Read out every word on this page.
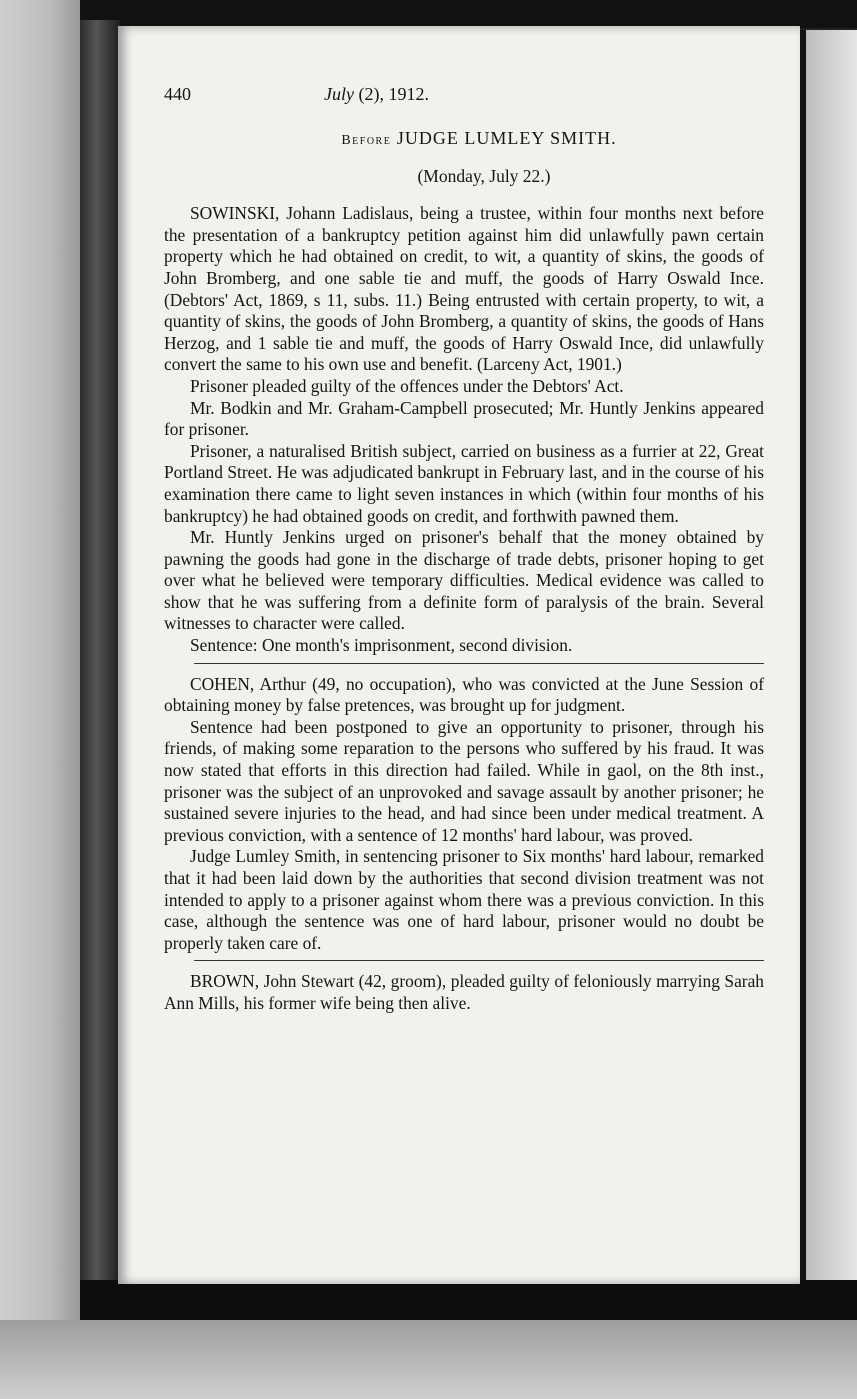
440	July (2), 1912.
Before JUDGE LUMLEY SMITH.
(Monday, July 22.)

SOWINSKI, Johann Ladislaus, being a trustee, within four months next before the presentation of a bankruptcy petition against him did unlawfully pawn certain property which he had obtained on credit, to wit, a quantity of skins, the goods of John Bromberg, and one sable tie and muff, the goods of Harry Oswald Ince. (Debtors' Act, 1869, s 11, subs. 11.) Being entrusted with certain property, to wit, a quantity of skins, the goods of John Bromberg, a quantity of skins, the goods of Hans Herzog, and 1 sable tie and muff, the goods of Harry Oswald Ince, did unlawfully convert the same to his own use and benefit. (Larceny Act, 1901.)

Prisoner pleaded guilty of the offences under the Debtors' Act.

Mr. Bodkin and Mr. Graham-Campbell prosecuted; Mr. Huntly Jenkins appeared for prisoner.

Prisoner, a naturalised British subject, carried on business as a furrier at 22, Great Portland Street. He was adjudicated bankrupt in February last, and in the course of his examination there came to light seven instances in which (within four months of his bankruptcy) he had obtained goods on credit, and forthwith pawned them.

Mr. Huntly Jenkins urged on prisoner's behalf that the money obtained by pawning the goods had gone in the discharge of trade debts, prisoner hoping to get over what he believed were temporary difficulties. Medical evidence was called to show that he was suffering from a definite form of paralysis of the brain. Several witnesses to character were called.

Sentence: One month's imprisonment, second division.

COHEN, Arthur (49, no occupation), who was convicted at the June Session of obtaining money by false pretences, was brought up for judgment.

Sentence had been postponed to give an opportunity to prisoner, through his friends, of making some reparation to the persons who suffered by his fraud. It was now stated that efforts in this direction had failed. While in gaol, on the 8th inst., prisoner was the subject of an unprovoked and savage assault by another prisoner; he sustained severe injuries to the head, and had since been under medical treatment. A previous conviction, with a sentence of 12 months' hard labour, was proved.

Judge Lumley Smith, in sentencing prisoner to Six months' hard labour, remarked that it had been laid down by the authorities that second division treatment was not intended to apply to a prisoner against whom there was a previous conviction. In this case, although the sentence was one of hard labour, prisoner would no doubt be properly taken care of.

BROWN, John Stewart (42, groom), pleaded guilty of feloniously marrying Sarah Ann Mills, his former wife being then alive.
